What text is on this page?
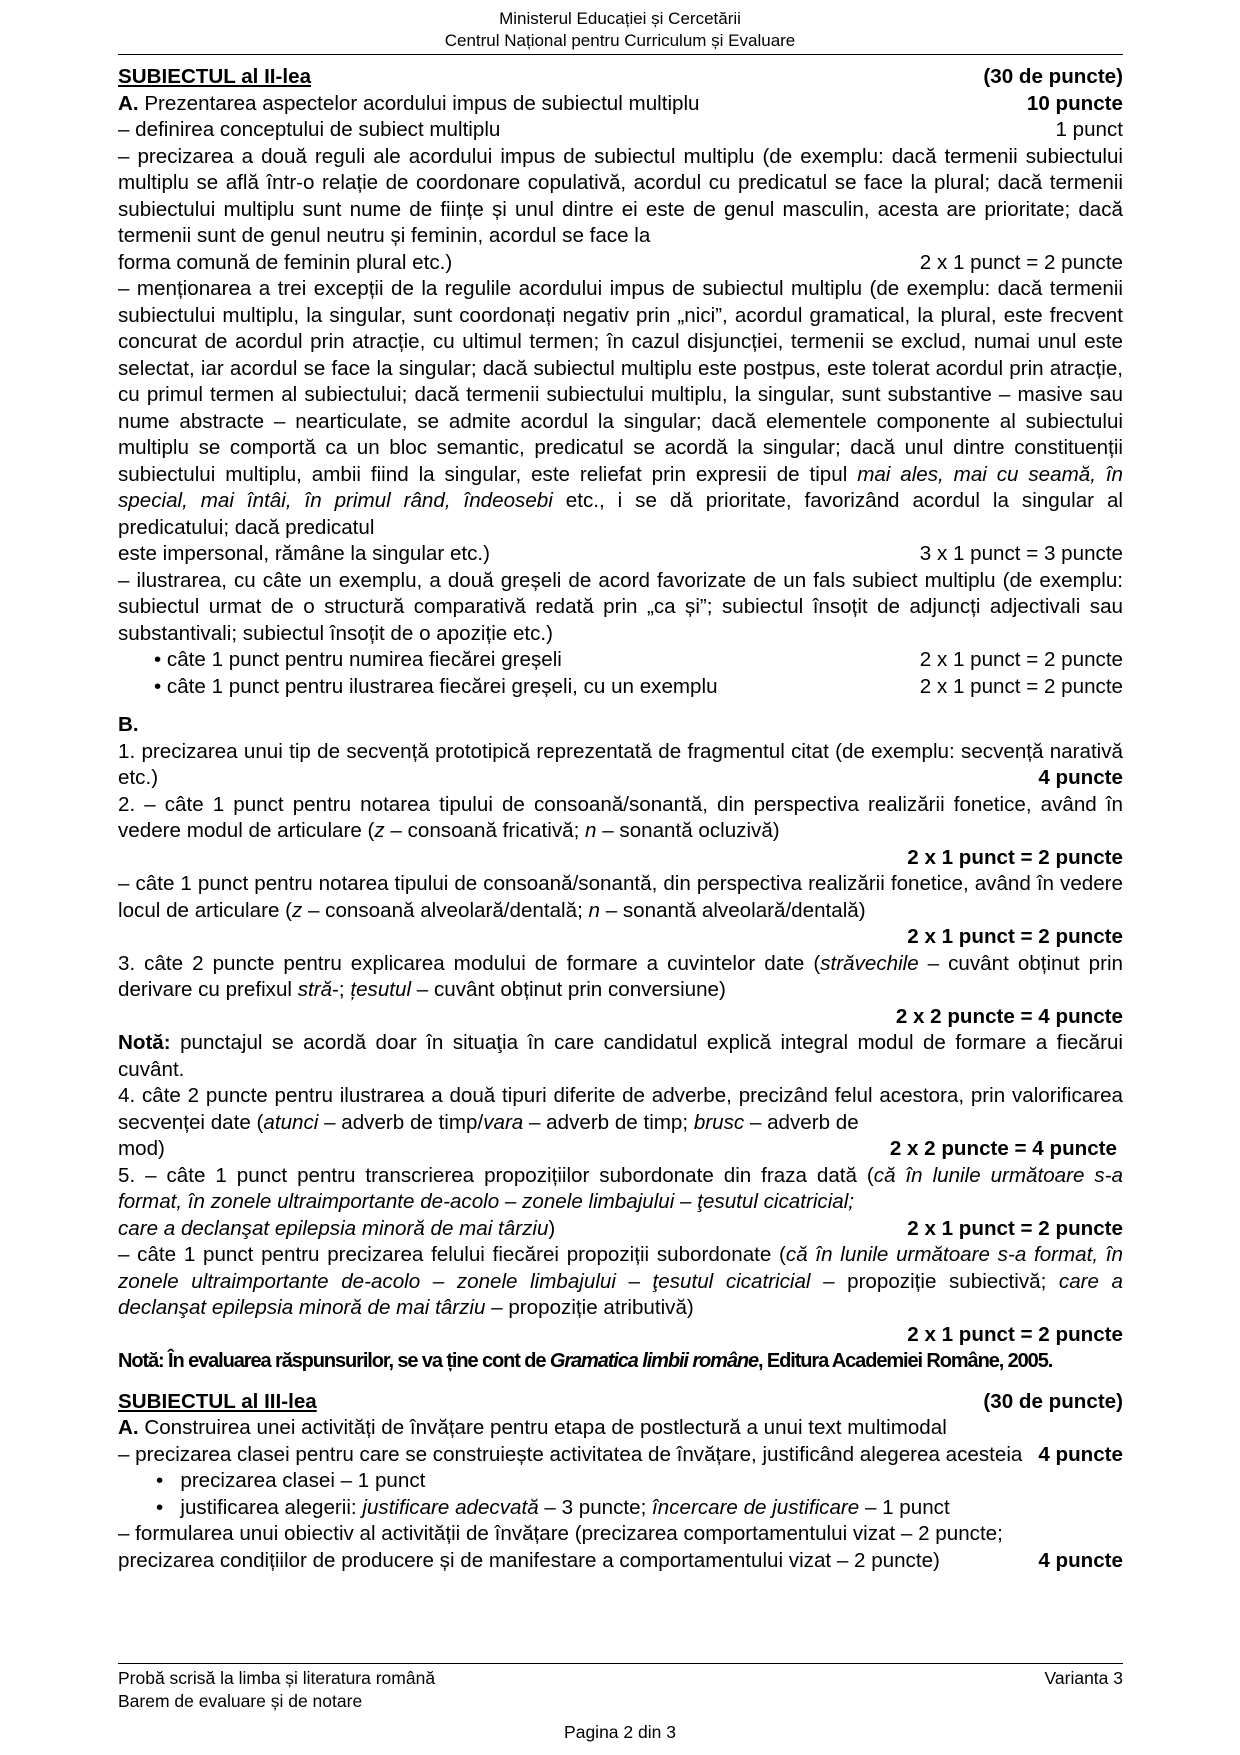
Ministerul Educației și Cercetării
Centrul Național pentru Curriculum și Evaluare
SUBIECTUL al II-lea	(30 de puncte)
A. Prezentarea aspectelor acordului impus de subiectul multiplu	10 puncte
– definirea conceptului de subiect multiplu	1 punct

– precizarea a două reguli ale acordului impus de subiectul multiplu (de exemplu: dacă termenii subiectului multiplu se află într-o relație de coordonare copulativă, acordul cu predicatul se face la plural; dacă termenii subiectului multiplu sunt nume de ființe și unul dintre ei este de genul masculin, acesta are prioritate; dacă termenii sunt de genul neutru și feminin, acordul se face la

forma comună de feminin plural etc.)	2 x 1 punct = 2 puncte

– menționarea a trei excepții de la regulile acordului impus de subiectul multiplu (de exemplu: dacă termenii subiectului multiplu, la singular, sunt coordonați negativ prin „nici”, acordul gramatical, la plural, este frecvent concurat de acordul prin atracție, cu ultimul termen; în cazul disjuncției, termenii se exclud, numai unul este selectat, iar acordul se face la singular; dacă subiectul multiplu este postpus, este tolerat acordul prin atracție, cu primul termen al subiectului; dacă termenii subiectului multiplu, la singular, sunt substantive – masive sau nume abstracte – nearticulate, se admite acordul la singular; dacă elementele componente al subiectului multiplu se comportă ca un bloc semantic, predicatul se acordă la singular; dacă unul dintre constituenții subiectului multiplu, ambii fiind la singular, este reliefat prin expresii de tipul mai ales, mai cu seamă, în special, mai întâi, în primul rând, îndeosebi etc., i se dă prioritate, favorizând acordul la singular al predicatului; dacă predicatul

este impersonal, rămâne la singular etc.)	3 x 1 punct = 3 puncte

– ilustrarea, cu câte un exemplu, a două greșeli de acord favorizate de un fals subiect multiplu (de exemplu: subiectul urmat de o structură comparativă redată prin „ca și”; subiectul însoțit de adjuncți adjectivali sau substantivali; subiectul însoțit de o apoziție etc.)

• câte 1 punct pentru numirea fiecărei greșeli	2 x 1 punct = 2 puncte
• câte 1 punct pentru ilustrarea fiecărei greșeli, cu un exemplu	2 x 1 punct = 2 puncte

B.

1. precizarea unui tip de secvență prototipică reprezentată de fragmentul citat (de exemplu: secvență narativă etc.)	4 puncte

2. – câte 1 punct pentru notarea tipului de consoană/sonantă, din perspectiva realizării fonetice, având în vedere modul de articulare (z – consoană fricativă; n – sonantă ocluzivă)

2 x 1 punct = 2 puncte

– câte 1 punct pentru notarea tipului de consoană/sonantă, din perspectiva realizării fonetice, având în vedere locul de articulare (z – consoană alveolară/dentală; n – sonantă alveolară/dentală)

2 x 1 punct = 2 puncte

3. câte 2 puncte pentru explicarea modului de formare a cuvintelor date (străvechile – cuvânt obținut prin derivare cu prefixul stră-; țesutul – cuvânt obținut prin conversiune)

2 x 2 puncte = 4 puncte

Notă: punctajul se acordă doar în situaţia în care candidatul explică integral modul de formare a fiecărui cuvânt.

4. câte 2 puncte pentru ilustrarea a două tipuri diferite de adverbe, precizând felul acestora, prin valorificarea secvenței date (atunci – adverb de timp/vara – adverb de timp; brusc – adverb de

mod)	2 x 2 puncte = 4 puncte

5. – câte 1 punct pentru transcrierea propozițiilor subordonate din fraza dată (că în lunile următoare s-a format, în zonele ultraimportante de-acolo – zonele limbajului – ţesutul cicatricial;

care a declanşat epilepsia minoră de mai târziu)	2 x 1 punct = 2 puncte

– câte 1 punct pentru precizarea felului fiecărei propoziții subordonate (că în lunile următoare s-a format, în zonele ultraimportante de-acolo – zonele limbajului – ţesutul cicatricial – propoziție subiectivă; care a declanşat epilepsia minoră de mai târziu – propoziție atributivă)

2 x 1 punct = 2 puncte

Notă: În evaluarea răspunsurilor, se va ține cont de Gramatica limbii române, Editura Academiei Române, 2005.

SUBIECTUL al III-lea	(30 de puncte)

A. Construirea unei activități de învățare pentru etapa de postlectură a unui text multimodal

– precizarea clasei pentru care se construiește activitatea de învățare, justificând alegerea acesteia 4 puncte

•   precizarea clasei – 1 punct

•   justificarea alegerii: justificare adecvată – 3 puncte; încercare de justificare – 1 punct

– formularea unui obiectiv al activității de învățare (precizarea comportamentului vizat – 2 puncte;

precizarea condițiilor de producere și de manifestare a comportamentului vizat – 2 puncte)	4 puncte
Probă scrisă la limba și literatura română	Varianta 3
Barem de evaluare și de notare
Pagina 2 din 3
